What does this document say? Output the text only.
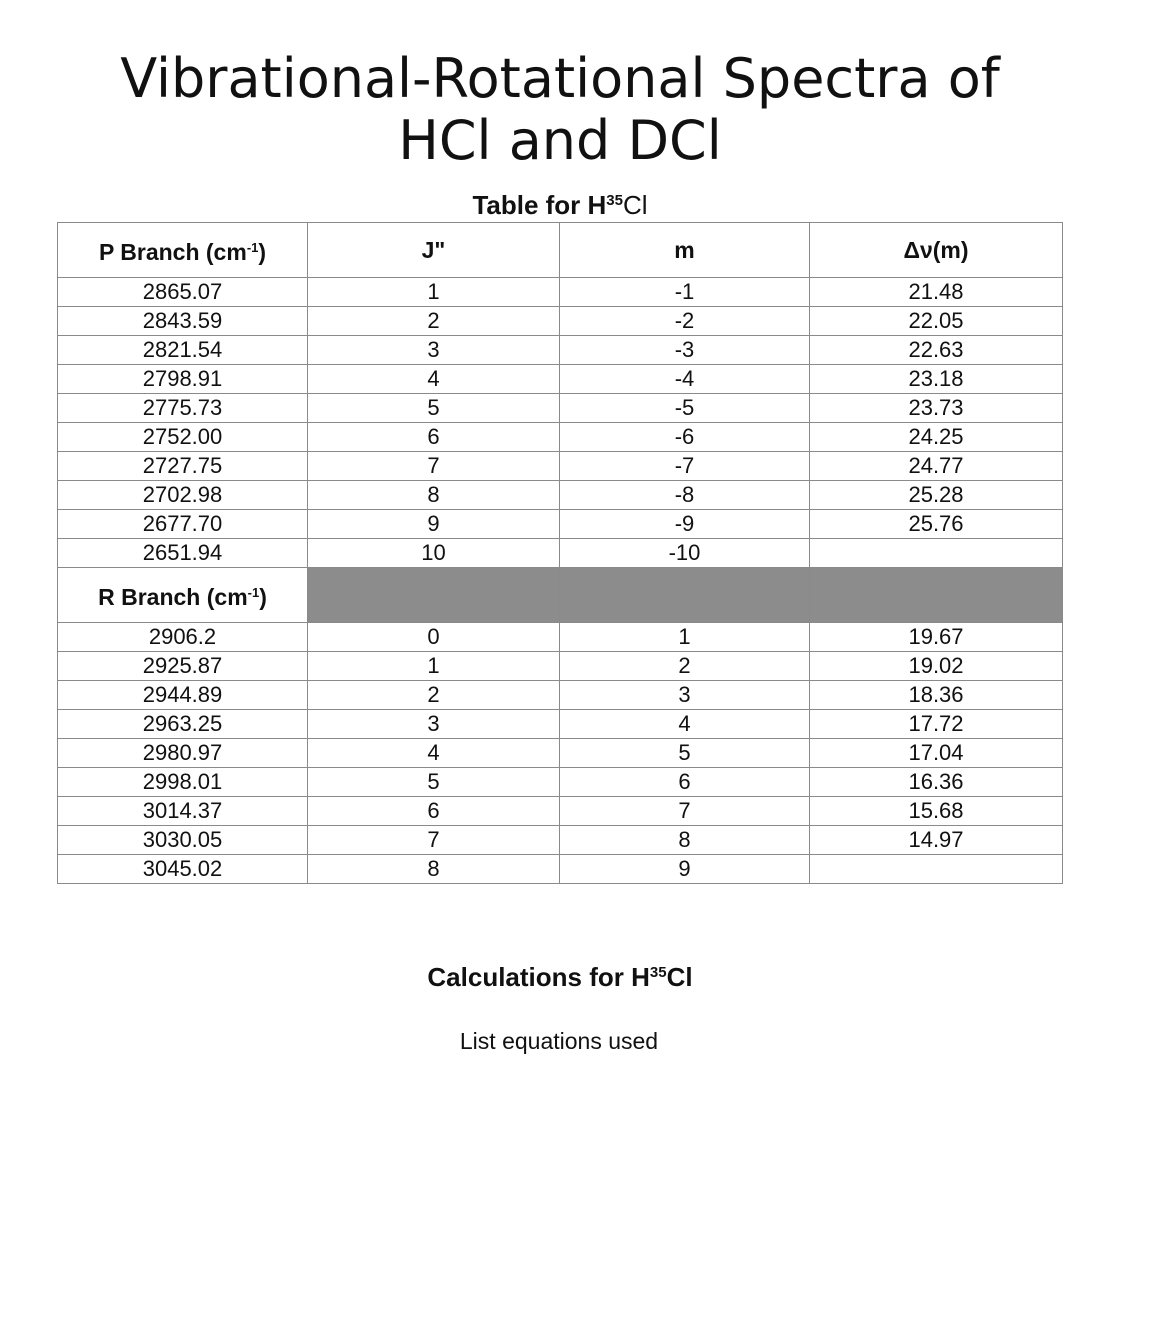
Vibrational-Rotational Spectra of
HCl and DCl
Table for $H^{35}Cl$
P Branch $(cm^{-1})$	J"	m	Δν(m)
2865.07	1	-1	21.48
2843.59	2	-2	22.05
2821.54	3	-3	22.63
2798.91	4	-4	23.18
2775.73	5	-5	23.73
2752.00	6	-6	24.25
2727.75	7	-7	24.77
2702.98	8	-8	25.28
2677.70	9	-9	25.76
2651.94	10	-10	
R Branch $(cm^{-1})$			
2906.2	0	1	19.67
2925.87	1	2	19.02
2944.89	2	3	18.36
2963.25	3	4	17.72
2980.97	4	5	17.04
2998.01	5	6	16.36
3014.37	6	7	15.68
3030.05	7	8	14.97
3045.02	8	9	
Calculations for $H^{35}Cl$
List equations used
